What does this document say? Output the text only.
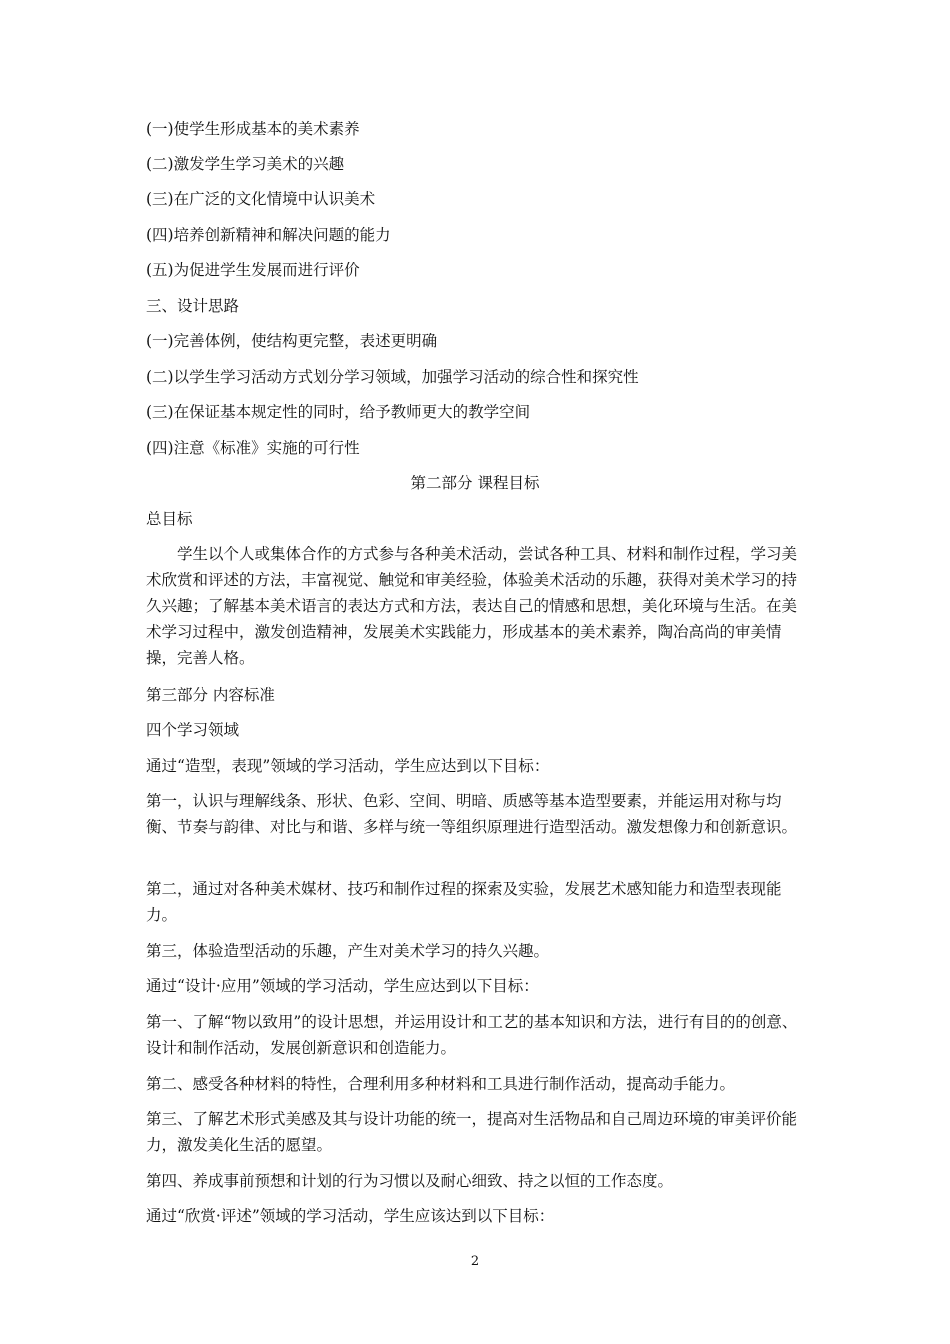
(一)使学生形成基本的美术素养
(二)激发学生学习美术的兴趣
(三)在广泛的文化情境中认识美术
(四)培养创新精神和解决问题的能力
(五)为促进学生发展而进行评价
三、设计思路
(一)完善体例，使结构更完整，表述更明确
(二)以学生学习活动方式划分学习领域，加强学习活动的综合性和探究性
(三)在保证基本规定性的同时，给予教师更大的教学空间
(四)注意《标准》实施的可行性
第二部分 课程目标
总目标
学生以个人或集体合作的方式参与各种美术活动，尝试各种工具、材料和制作过程，学习美术欣赏和评述的方法，丰富视觉、触觉和审美经验，体验美术活动的乐趣，获得对美术学习的持久兴趣；了解基本美术语言的表达方式和方法，表达自己的情感和思想，美化环境与生活。在美术学习过程中，激发创造精神，发展美术实践能力，形成基本的美术素养，陶冶高尚的审美情操，完善人格。
第三部分 内容标准
四个学习领域
通过“造型，表现”领域的学习活动，学生应达到以下目标：
第一，认识与理解线条、形状、色彩、空间、明暗、质感等基本造型要素，并能运用对称与均衡、节奏与韵律、对比与和谐、多样与统一等组织原理进行造型活动。激发想像力和创新意识。
第二，通过对各种美术媒材、技巧和制作过程的探索及实验，发展艺术感知能力和造型表现能力。
第三，体验造型活动的乐趣，产生对美术学习的持久兴趣。
通过“设计·应用”领域的学习活动，学生应达到以下目标：
第一、了解“物以致用”的设计思想，并运用设计和工艺的基本知识和方法，进行有目的的创意、设计和制作活动，发展创新意识和创造能力。
第二、感受各种材料的特性，合理利用多种材料和工具进行制作活动，提高动手能力。
第三、了解艺术形式美感及其与设计功能的统一，提高对生活物品和自己周边环境的审美评价能力，激发美化生活的愿望。
第四、养成事前预想和计划的行为习惯以及耐心细致、持之以恒的工作态度。
通过“欣赏·评述”领域的学习活动，学生应该达到以下目标：
2
